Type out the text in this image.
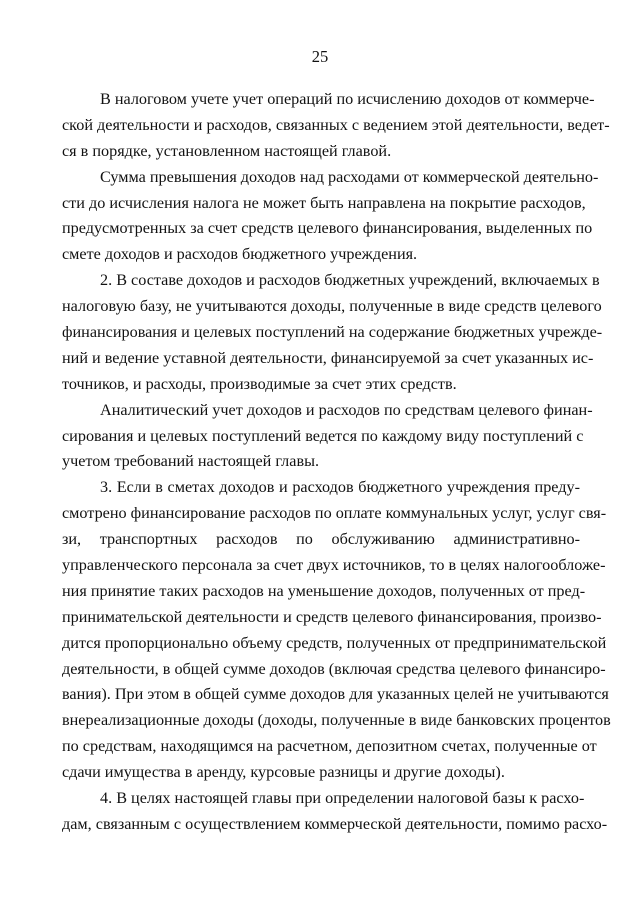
25
В налоговом учете учет операций по исчислению доходов от коммерче-
ской деятельности и расходов, связанных с ведением этой деятельности, ведет-
ся в порядке, установленном настоящей главой.
Сумма превышения доходов над расходами от коммерческой деятельно-
сти до исчисления налога не может быть направлена на покрытие расходов,
предусмотренных за счет средств целевого финансирования, выделенных по
смете доходов и расходов бюджетного учреждения.
2. В составе доходов и расходов бюджетных учреждений, включаемых в
налоговую базу, не учитываются доходы, полученные в виде средств целевого
финансирования и целевых поступлений на содержание бюджетных учрежде-
ний и ведение уставной деятельности, финансируемой за счет указанных ис-
точников, и расходы, производимые за счет этих средств.
Аналитический учет доходов и расходов по средствам целевого финан-
сирования и целевых поступлений ведется по каждому виду поступлений с
учетом требований настоящей главы.
3. Если в сметах доходов и расходов бюджетного учреждения преду-
смотрено финансирование расходов по оплате коммунальных услуг, услуг свя-
зи, транспортных расходов по обслуживанию административно-
управленческого персонала за счет двух источников, то в целях налогообложе-
ния принятие таких расходов на уменьшение доходов, полученных от пред-
принимательской деятельности и средств целевого финансирования, произво-
дится пропорционально объему средств, полученных от предпринимательской
деятельности, в общей сумме доходов (включая средства целевого финансиро-
вания). При этом в общей сумме доходов для указанных целей не учитываются
внереализационные доходы (доходы, полученные в виде банковских процентов
по средствам, находящимся на расчетном, депозитном счетах, полученные от
сдачи имущества в аренду, курсовые разницы и другие доходы).
4. В целях настоящей главы при определении налоговой базы к расхо-
дам, связанным с осуществлением коммерческой деятельности, помимо расхо-
